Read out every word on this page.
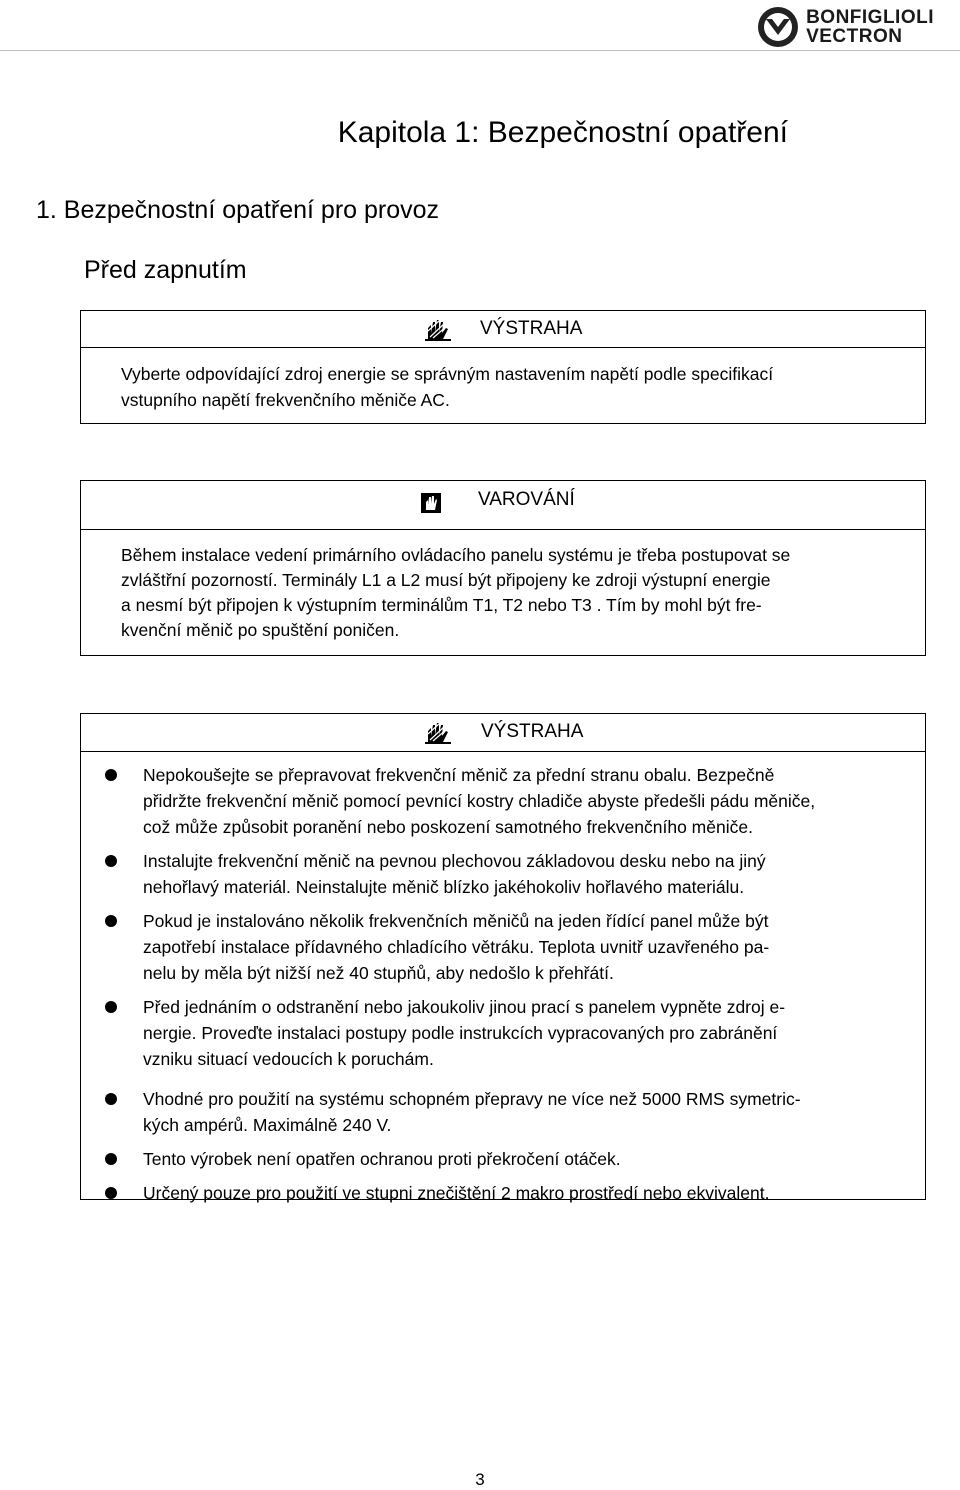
BONFIGLIOLI
VECTRON
Kapitola 1: Bezpečnostní opatření
1. Bezpečnostní opatření pro provoz
Před zapnutím
VÝSTRAHA

Vyberte odpovídající zdroj energie se správným nastavením napětí podle specifikací

vstupního napětí frekvenčního měniče AC.

VAROVÁNÍ

Během instalace vedení primárního ovládacího panelu systému je třeba postupovat se

zvláštřní pozorností. Terminály L1 a L2 musí být připojeny ke zdroji výstupní energie

a nesmí být připojen k výstupním terminálům T1, T2 nebo T3 . Tím by mohl být fre-

kvenční měnič po spuštění poničen.

VÝSTRAHA

Nepokoušejte se přepravovat frekvenční měnič za přední stranu obalu. Bezpečně

přidržte frekvenční měnič pomocí pevnící kostry chladiče abyste předešli pádu měniče,

což může způsobit poranění nebo poskození samotného frekvenčního měniče.

Instalujte frekvenční měnič na pevnou plechovou základovou desku nebo na jiný

nehořlavý materiál. Neinstalujte měnič blízko jakéhokoliv hořlavého materiálu.

Pokud je instalováno několik frekvenčních měničů na jeden řídící panel může být

zapotřebí instalace přídavného chladícího větráku. Teplota uvnitř uzavřeného pa-

nelu by měla být nižší než 40 stupňů, aby nedošlo k přehřátí.

Před jednáním o odstranění nebo jakoukoliv jinou prací s panelem vypněte zdroj e-

nergie. Proveďte instalaci postupy podle instrukcích vypracovaných pro zabránění

vzniku situací vedoucích k poruchám.

Vhodné pro použití na systému schopném přepravy ne více než 5000 RMS symetric-

kých ampérů. Maximálně 240 V.

Tento výrobek není opatřen ochranou proti překročení otáček.

Určený pouze pro použití ve stupni znečištění 2 makro prostředí nebo ekvivalent.

3
